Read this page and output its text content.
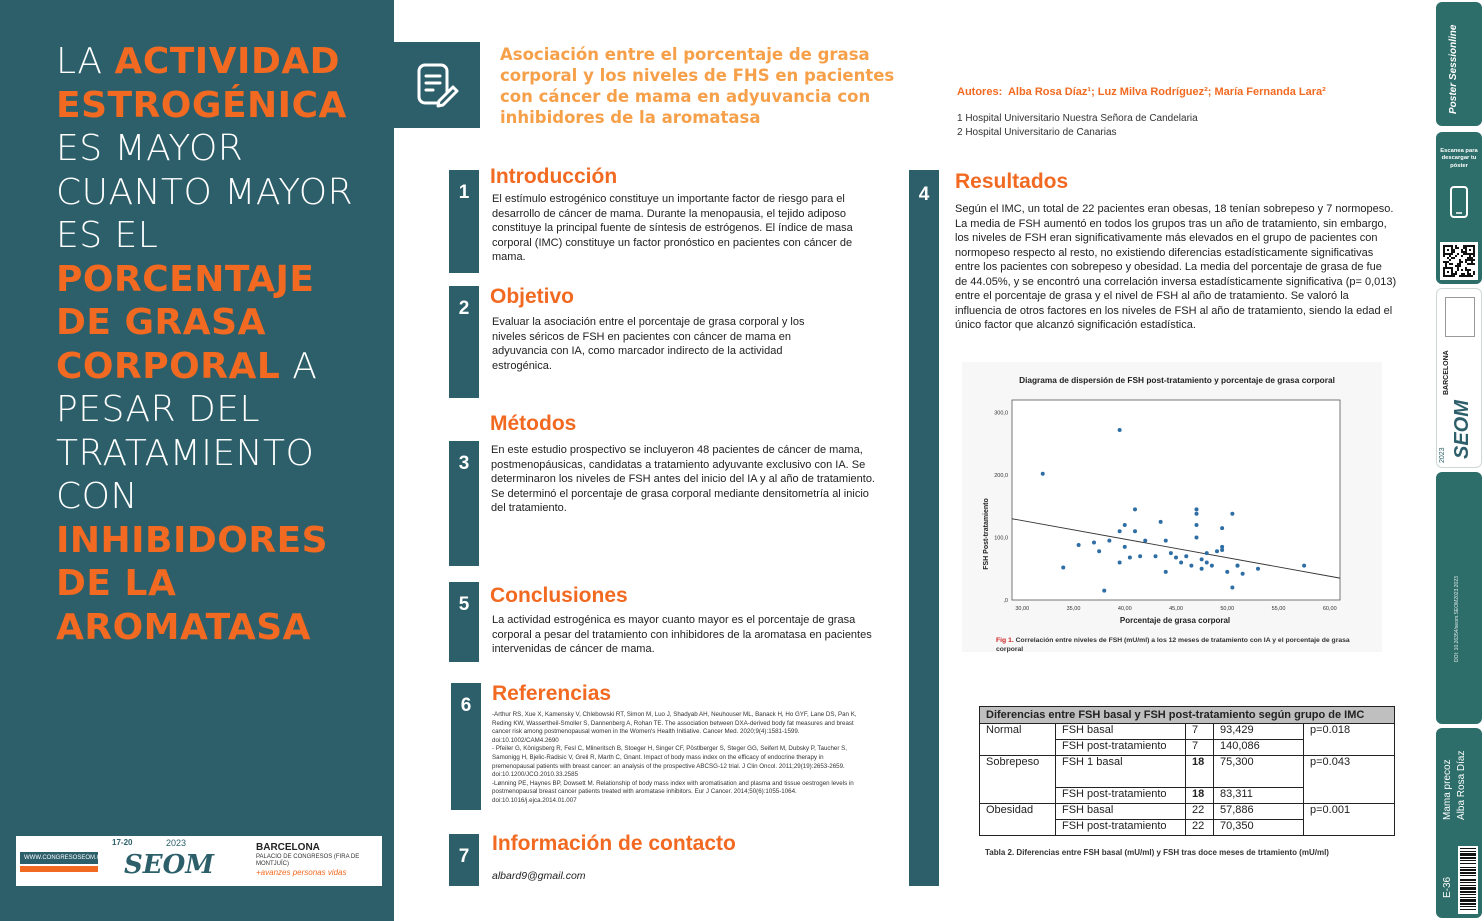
LA ACTIVIDAD ESTROGÉNICA ES MAYOR CUANTO MAYOR ES EL PORCENTAJE DE GRASA CORPORAL A PESAR DEL TRATAMIENTO CON INHIBIDORES DE LA AROMATASA
WWW.CONGRESOSEOM.ORG
17-20	2023
SEOM
BARCELONA
PALACIO DE CONGRESOS (FIRA DE MONTJUÏC)
+avanzes personas vidas
Asociación entre el porcentaje de grasa corporal y los niveles de FHS en pacientes con cáncer de mama en adyuvancia con inhibidores de la aromatasa
Autores:  Alba Rosa Díaz¹; Luz Milva Rodríguez²; María Fernanda Lara²
1 Hospital Universitario Nuestra Señora de Candelaria
2 Hospital Universitario de Canarias
1
Introducción
El estímulo estrogénico constituye un importante factor de riesgo para el desarrollo de cáncer de mama. Durante la menopausia, el tejido adiposo constituye la principal fuente de síntesis de estrógenos. El índice de masa corporal (IMC) constituye un factor pronóstico en pacientes con cáncer de mama.
2
Objetivo
Evaluar la asociación entre el porcentaje de grasa corporal y los niveles séricos de FSH en pacientes con cáncer de mama en adyuvancia con IA, como marcador indirecto de la actividad estrogénica.
3
Métodos
En este estudio prospectivo se incluyeron 48 pacientes de cáncer de mama, postmenopáusicas, candidatas a tratamiento adyuvante exclusivo con IA. Se determinaron los niveles de FSH antes del inicio del IA y al año de tratamiento. Se determinó el porcentaje de grasa corporal mediante densitometría al inicio del tratamiento.
5 Conclusiones
La actividad estrogénica es mayor cuanto mayor es el porcentaje de grasa corporal a pesar del tratamiento con inhibidores de la aromatasa en pacientes intervenidas de cáncer de mama.
6
Referencias
-Arthur RS, Xue X, Kamensky V, Chlebowski RT, Simon M, Luo J, Shadyab AH, Neuhouser ML, Banack H, Ho GYF, Lane DS, Pan K, Reding KW, Wassertheil-Smoller S, Dannenberg A, Rohan TE. The association between DXA-derived body fat measures and breast cancer risk among postmenopausal women in the Women's Health Initiative. Cancer Med. 2020;9(4):1581-1599. doi:10.1002/CAM4.2690
- Pfeiler G, Königsberg R, Fesl C, Mlineritsch B, Stoeger H, Singer CF, Pöstlberger S, Steger GG, Seifert M, Dubsky P, Taucher S, Samonigg H, Bjelic-Radisic V, Greil R, Marth C, Gnant. Impact of body mass index on the efficacy of endocrine therapy in premenopausal patients with breast cancer: an analysis of the prospective ABCSG-12 trial. J Clin Oncol. 2011;29(19):2653-2659. doi:10.1200/JCO.2010.33.2585
-Lønning PE, Haynes BP, Dowsett M. Relationship of body mass index with aromatisation and plasma and tissue oestrogen levels in postmenopausal breast cancer patients treated with aromatase inhibitors. Eur J Cancer. 2014;50(6):1055-1064. doi:10.1016/j.ejca.2014.01.007
7
Información de contacto
albard9@gmail.com
4
Resultados
Según el IMC, un total de 22 pacientes eran obesas, 18 tenían sobrepeso y 7 normopeso. La media de FSH aumentó en todos los grupos tras un año de tratamiento, sin embargo, los niveles de FSH eran significativamente más elevados en el grupo de pacientes con normopeso respecto al resto, no existiendo diferencias estadísticamente significativas entre los pacientes con sobrepeso y obesidad. La media del porcentaje de grasa de fue de 44.05%, y se encontró una correlación inversa estadísticamente significativa (p= 0,013) entre el porcentaje de grasa y el nivel de FSH al año de tratamiento. Se valoró la influencia de otros factores en los niveles de FSH al año de tratamiento, siendo la edad el único factor que alcanzó significación estadística.
Diagrama de dispersión de FSH post-tratamiento y porcentaje de grasa corporal
30,00	35,00	40,00	45,00	50,00	55,00	60,00
,0
100,0
200,0
300,0
Porcentaje de grasa corporal
FSH Post-tratamiento
Fig 1. Correlación entre niveles de FSH (mU/ml) a los 12 meses de tratamiento con IA y el porcentaje de grasa corporal
Diferencias entre FSH basal y FSH post-tratamiento según grupo de IMC				
Normal	FSH basal	7	93,429	p=0.018
	FSH post-tratamiento	7	140,086	
Sobrepeso	FSH 1 basal	18	75,300	p=0.043
	FSH post-tratamiento	18	83,311	
Obesidad	FSH basal	22	57,886	p=0.001
	FSH post-tratamiento	22	70,350	
Tabla 2. Diferencias entre FSH basal (mU/ml) y FSH tras doce meses de trtamiento (mU/ml)
Poster Sessionline
Escanea para descargar tu póster
BARCELONA
SEOM
2023
DOI: 10.26354/seom.SEOM2023.2023
Mama precoz Alba Rosa Díaz
E-36
